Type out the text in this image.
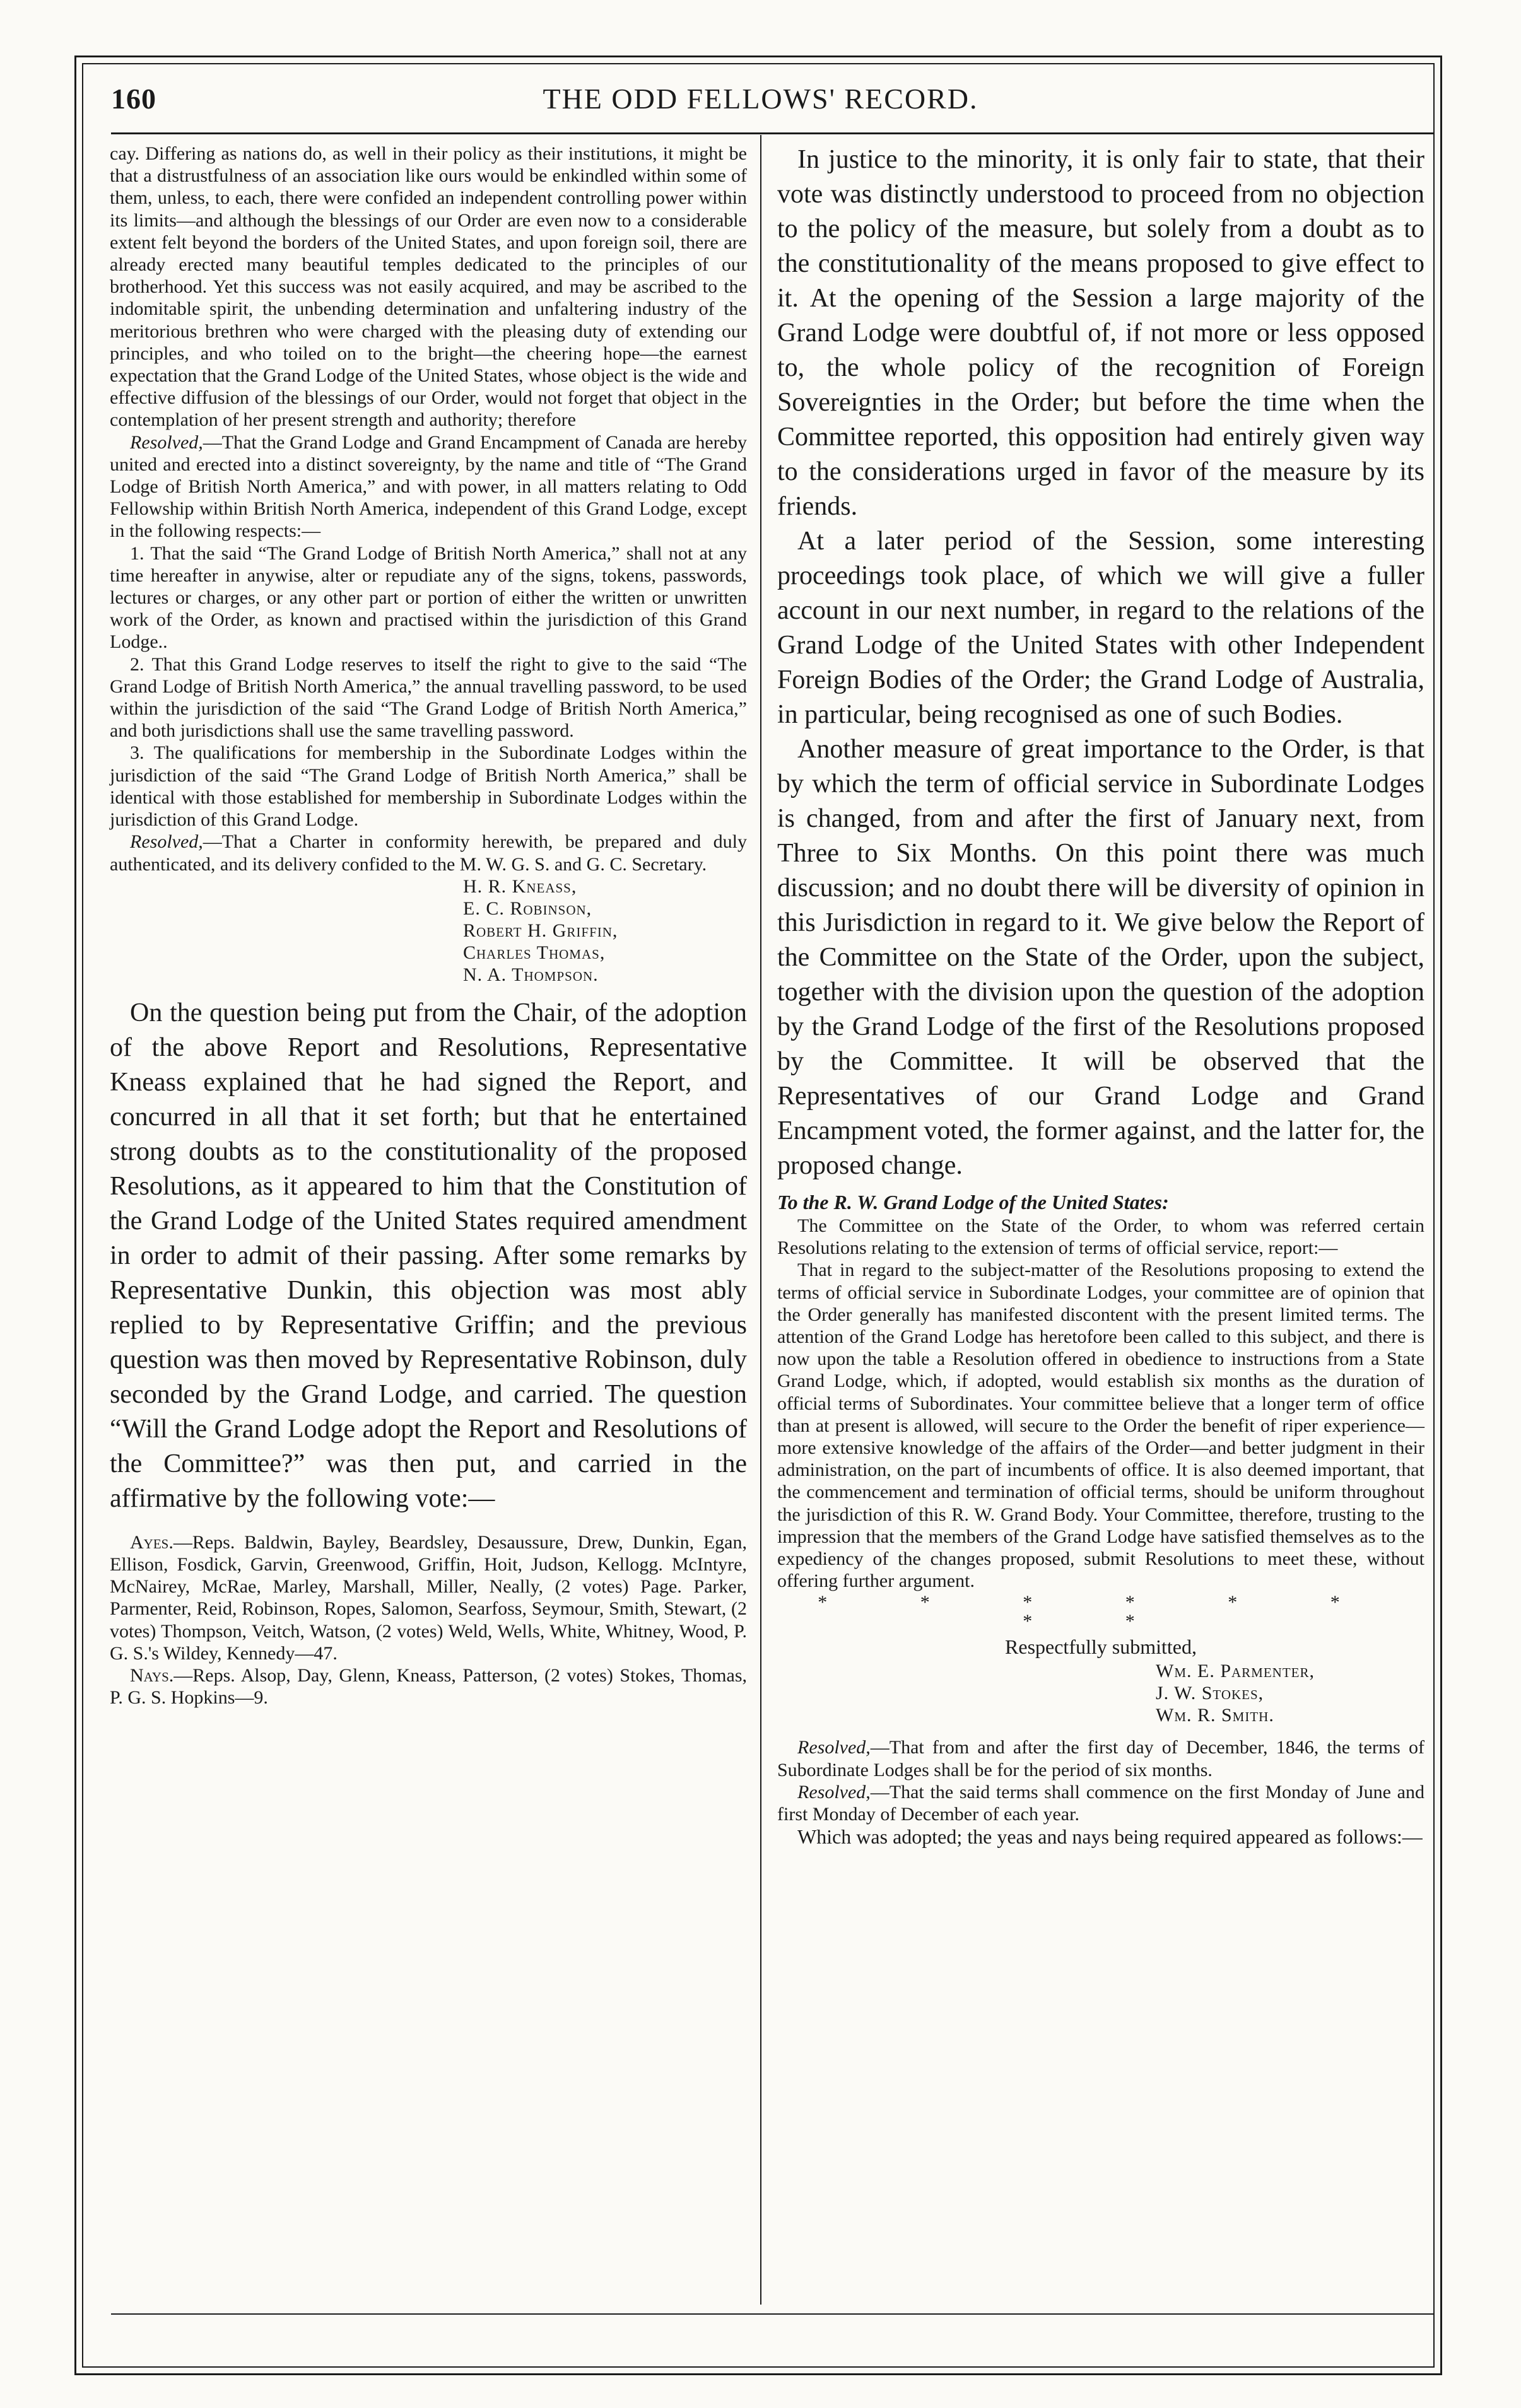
160	THE ODD FELLOWS' RECORD.

cay. Differing as nations do, as well in their policy as their institutions, it might be that a distrustfulness of an association like ours would be enkindled within some of them, unless, to each, there were confided an independent controlling power within its limits—and although the blessings of our Order are even now to a considerable extent felt beyond the borders of the United States, and upon foreign soil, there are already erected many beautiful temples dedicated to the principles of our brotherhood. Yet this success was not easily acquired, and may be ascribed to the indomitable spirit, the unbending determination and unfaltering industry of the meritorious brethren who were charged with the pleasing duty of extending our principles, and who toiled on to the bright—the cheering hope—the earnest expectation that the Grand Lodge of the United States, whose object is the wide and effective diffusion of the blessings of our Order, would not forget that object in the contemplation of her present strength and authority; therefore

Resolved,—That the Grand Lodge and Grand Encampment of Canada are hereby united and erected into a distinct sovereignty, by the name and title of “The Grand Lodge of British North America,” and with power, in all matters relating to Odd Fellowship within British North America, independent of this Grand Lodge, except in the following respects:—

1. That the said “The Grand Lodge of British North America,” shall not at any time hereafter in anywise, alter or repudiate any of the signs, tokens, passwords, lectures or charges, or any other part or portion of either the written or unwritten work of the Order, as known and practised within the jurisdiction of this Grand Lodge..

2. That this Grand Lodge reserves to itself the right to give to the said “The Grand Lodge of British North America,” the annual travelling password, to be used within the jurisdiction of the said “The Grand Lodge of British North America,” and both jurisdictions shall use the same travelling password.

3. The qualifications for membership in the Subordinate Lodges within the jurisdiction of the said “The Grand Lodge of British North America,” shall be identical with those established for membership in Subordinate Lodges within the jurisdiction of this Grand Lodge.

Resolved,—That a Charter in conformity herewith, be prepared and duly authenticated, and its delivery confided to the M. W. G. S. and G. C. Secretary.

H. R. Kneass,
E. C. Robinson,
Robert H. Griffin,
Charles Thomas,
N. A. Thompson.

On the question being put from the Chair, of the adoption of the above Report and Resolutions, Representative Kneass explained that he had signed the Report, and concurred in all that it set forth; but that he entertained strong doubts as to the constitutionality of the proposed Resolutions, as it appeared to him that the Constitution of the Grand Lodge of the United States required amendment in order to admit of their passing. After some remarks by Representative Dunkin, this objection was most ably replied to by Representative Griffin; and the previous question was then moved by Representative Robinson, duly seconded by the Grand Lodge, and carried. The question “Will the Grand Lodge adopt the Report and Resolutions of the Committee?” was then put, and carried in the affirmative by the following vote:—

Ayes.—Reps. Baldwin, Bayley, Beardsley, Desaussure, Drew, Dunkin, Egan, Ellison, Fosdick, Garvin, Greenwood, Griffin, Hoit, Judson, Kellogg. McIntyre, McNairey, McRae, Marley, Marshall, Miller, Neally, (2 votes) Page. Parker, Parmenter, Reid, Robinson, Ropes, Salomon, Searfoss, Seymour, Smith, Stewart, (2 votes) Thompson, Veitch, Watson, (2 votes) Weld, Wells, White, Whitney, Wood, P. G. S.'s Wildey, Kennedy—47.

Nays.—Reps. Alsop, Day, Glenn, Kneass, Patterson, (2 votes) Stokes, Thomas, P. G. S. Hopkins—9.

In justice to the minority, it is only fair to state, that their vote was distinctly understood to proceed from no objection to the policy of the measure, but solely from a doubt as to the constitutionality of the means proposed to give effect to it. At the opening of the Session a large majority of the Grand Lodge were doubtful of, if not more or less opposed to, the whole policy of the recognition of Foreign Sovereignties in the Order; but before the time when the Committee reported, this opposition had entirely given way to the considerations urged in favor of the measure by its friends.

At a later period of the Session, some interesting proceedings took place, of which we will give a fuller account in our next number, in regard to the relations of the Grand Lodge of the United States with other Independent Foreign Bodies of the Order; the Grand Lodge of Australia, in particular, being recognised as one of such Bodies.

Another measure of great importance to the Order, is that by which the term of official service in Subordinate Lodges is changed, from and after the first of January next, from Three to Six Months. On this point there was much discussion; and no doubt there will be diversity of opinion in this Jurisdiction in regard to it. We give below the Report of the Committee on the State of the Order, upon the subject, together with the division upon the question of the adoption by the Grand Lodge of the first of the Resolutions proposed by the Committee. It will be observed that the Representatives of our Grand Lodge and Grand Encampment voted, the former against, and the latter for, the proposed change.

To the R. W. Grand Lodge of the United States:

The Committee on the State of the Order, to whom was referred certain Resolutions relating to the extension of terms of official service, report:—

That in regard to the subject-matter of the Resolutions proposing to extend the terms of official service in Subordinate Lodges, your committee are of opinion that the Order generally has manifested discontent with the present limited terms. The attention of the Grand Lodge has heretofore been called to this subject, and there is now upon the table a Resolution offered in obedience to instructions from a State Grand Lodge, which, if adopted, would establish six months as the duration of official terms of Subordinates. Your committee believe that a longer term of office than at present is allowed, will secure to the Order the benefit of riper experience—more extensive knowledge of the affairs of the Order—and better judgment in their administration, on the part of incumbents of office. It is also deemed important, that the commencement and termination of official terms, should be uniform throughout the jurisdiction of this R. W. Grand Body. Your Committee, therefore, trusting to the impression that the members of the Grand Lodge have satisfied themselves as to the expediency of the changes proposed, submit Resolutions to meet these, without offering further argument.

* * * * * * * *
Respectfully submitted,
Wm. E. Parmenter,
J. W. Stokes,
Wm. R. Smith.

Resolved,—That from and after the first day of December, 1846, the terms of Subordinate Lodges shall be for the period of six months.

Resolved,—That the said terms shall commence on the first Monday of June and first Monday of December of each year.

Which was adopted; the yeas and nays being required appeared as follows:—
